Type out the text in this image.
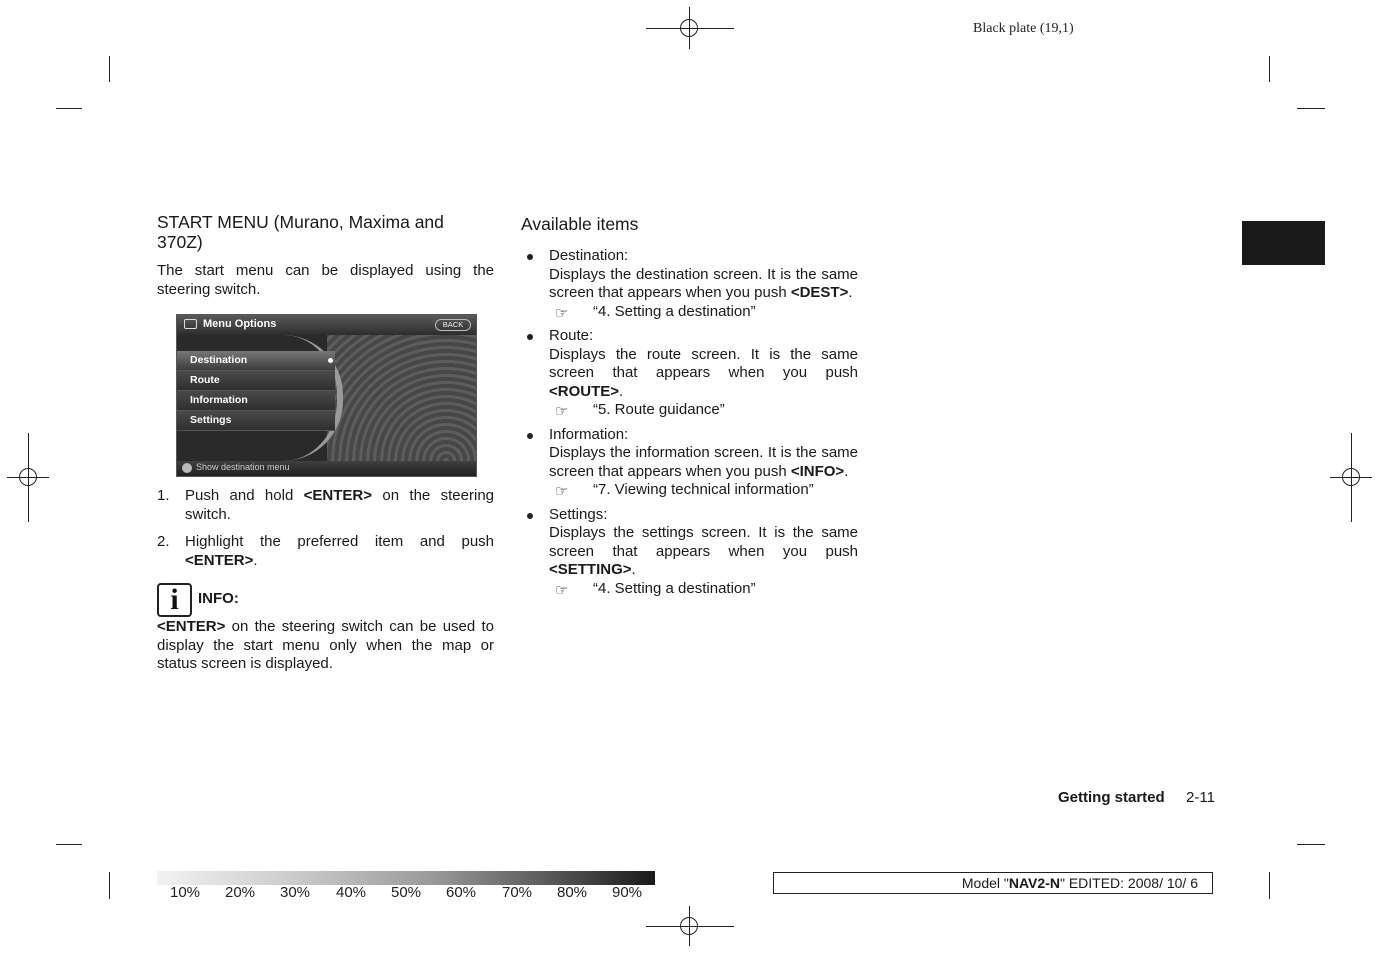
Black plate (19,1)
START MENU (Murano, Maxima and 370Z)

The start menu can be displayed using the steering switch.

Menu Options	BACK
Destination
Route
Information
Settings
Show destination menu
1. Push and hold <ENTER> on the steering switch.

2. Highlight the preferred item and push <ENTER>.

i	INFO:

<ENTER> on the steering switch can be used to display the start menu only when the map or status screen is displayed.

Available items

Destination:

Displays the destination screen. It is the same screen that appears when you push <DEST>.

☞ “4. Setting a destination”

Route:

Displays the route screen. It is the same screen that appears when you push <ROUTE>.

☞ “5. Route guidance”

Information:

Displays the information screen. It is the same screen that appears when you push <INFO>.

☞ “7. Viewing technical information”

Settings:

Displays the settings screen. It is the same screen that appears when you push <SETTING>.

☞ “4. Setting a destination”
Getting started 2-11
10% 20% 30% 40% 50% 60% 70% 80% 90%
Model "NAV2-N" EDITED: 2008/ 10/ 6
